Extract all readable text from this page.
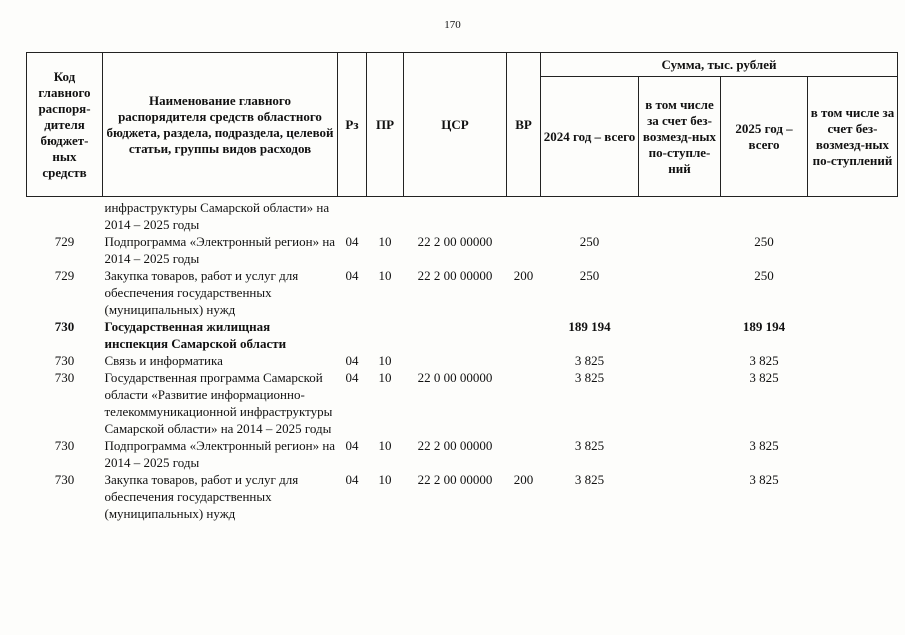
170
Код главного распоря-дителя бюджет-ных средств	Наименование главного распорядителя средств областного бюджета, раздела, подраздела, целевой статьи, группы видов расходов	Рз	ПР	ЦСР	ВР	Сумма, тыс. рублей			
						2024 год – всего	в том числе за счет без-возмезд-ных по-ступле-ний	2025 год – всего	в том числе за счет без-возмезд-ных по-ступлений
	инфраструктуры Самарской области» на 2014 – 2025 годы								
729	Подпрограмма «Электронный регион» на 2014 – 2025 годы	04	10	22 2 00 00000		250		250	
729	Закупка товаров, работ и услуг для обеспечения государственных (муниципальных) нужд	04	10	22 2 00 00000	200	250		250	
730	Государственная жилищная инспекция Самарской области					189 194		189 194	
730	Связь и информатика	04	10			3 825		3 825	
730	Государственная программа Самарской области «Развитие информационно-телекоммуникационной инфраструктуры Самарской области» на 2014 – 2025 годы	04	10	22 0 00 00000		3 825		3 825	
730	Подпрограмма «Электронный регион» на 2014 – 2025 годы	04	10	22 2 00 00000		3 825		3 825	
730	Закупка товаров, работ и услуг для обеспечения государственных (муниципальных) нужд	04	10	22 2 00 00000	200	3 825		3 825	
